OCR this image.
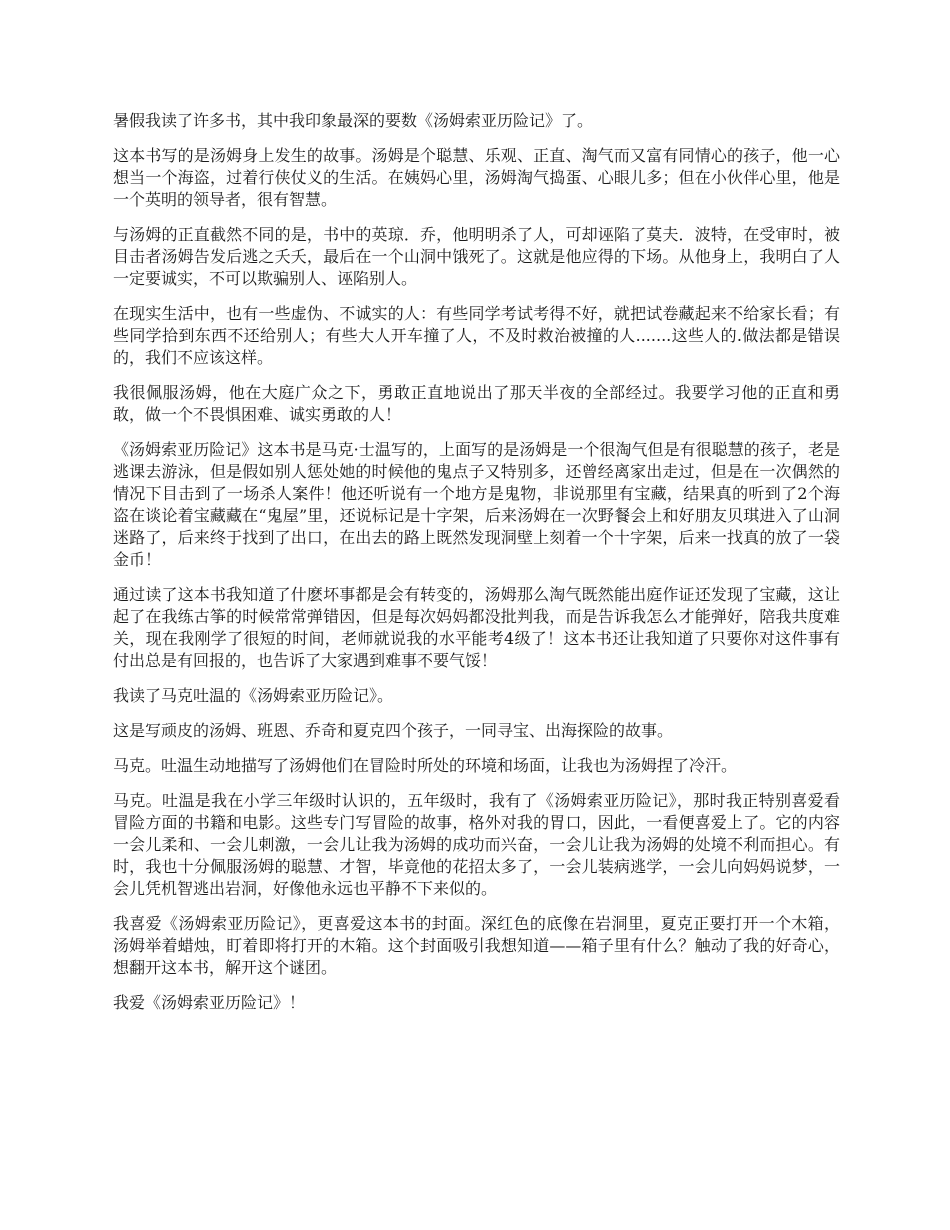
暑假我读了许多书，其中我印象最深的要数《汤姆索亚历险记》了。

这本书写的是汤姆身上发生的故事。汤姆是个聪慧、乐观、正直、淘气而又富有同情心的孩子，他一心想当一个海盗，过着行侠仗义的生活。在姨妈心里，汤姆淘气捣蛋、心眼儿多；但在小伙伴心里，他是一个英明的领导者，很有智慧。

与汤姆的正直截然不同的是，书中的英琼．乔，他明明杀了人，可却诬陷了莫夫．波特，在受审时，被目击者汤姆告发后逃之夭夭，最后在一个山洞中饿死了。这就是他应得的下场。从他身上，我明白了人一定要诚实，不可以欺骗别人、诬陷别人。

在现实生活中，也有一些虚伪、不诚实的人：有些同学考试考得不好，就把试卷藏起来不给家长看；有些同学拾到东西不还给别人；有些大人开车撞了人，不及时救治被撞的人.......这些人的.做法都是错误的，我们不应该这样。

我很佩服汤姆，他在大庭广众之下，勇敢正直地说出了那天半夜的全部经过。我要学习他的正直和勇敢，做一个不畏惧困难、诚实勇敢的人！

《汤姆索亚历险记》这本书是马克·士温写的，上面写的是汤姆是一个很淘气但是有很聪慧的孩子，老是逃课去游泳，但是假如别人惩处她的时候他的鬼点子又特别多，还曾经离家出走过，但是在一次偶然的情况下目击到了一场杀人案件！他还听说有一个地方是鬼物，非说那里有宝藏，结果真的听到了2个海盗在谈论着宝藏藏在“鬼屋”里，还说标记是十字架，后来汤姆在一次野餐会上和好朋友贝琪进入了山洞迷路了，后来终于找到了出口，在出去的路上既然发现洞壁上刻着一个十字架，后来一找真的放了一袋金币！

通过读了这本书我知道了什麽坏事都是会有转变的，汤姆那么淘气既然能出庭作证还发现了宝藏，这让起了在我练古筝的时候常常弹错因，但是每次妈妈都没批判我，而是告诉我怎么才能弹好，陪我共度难关，现在我刚学了很短的时间，老师就说我的水平能考4级了！这本书还让我知道了只要你对这件事有付出总是有回报的，也告诉了大家遇到难事不要气馁！

我读了马克吐温的《汤姆索亚历险记》。

这是写顽皮的汤姆、班恩、乔奇和夏克四个孩子，一同寻宝、出海探险的故事。

马克。吐温生动地描写了汤姆他们在冒险时所处的环境和场面，让我也为汤姆捏了冷汗。

马克。吐温是我在小学三年级时认识的，五年级时，我有了《汤姆索亚历险记》，那时我正特别喜爱看冒险方面的书籍和电影。这些专门写冒险的故事，格外对我的胃口，因此，一看便喜爱上了。它的内容一会儿柔和、一会儿刺激，一会儿让我为汤姆的成功而兴奋，一会儿让我为汤姆的处境不利而担心。有时，我也十分佩服汤姆的聪慧、才智，毕竟他的花招太多了，一会儿装病逃学，一会儿向妈妈说梦，一会儿凭机智逃出岩洞，好像他永远也平静不下来似的。

我喜爱《汤姆索亚历险记》，更喜爱这本书的封面。深红色的底像在岩洞里，夏克正要打开一个木箱，汤姆举着蜡烛，盯着即将打开的木箱。这个封面吸引我想知道——箱子里有什么？触动了我的好奇心，想翻开这本书，解开这个谜团。

我爱《汤姆索亚历险记》！
